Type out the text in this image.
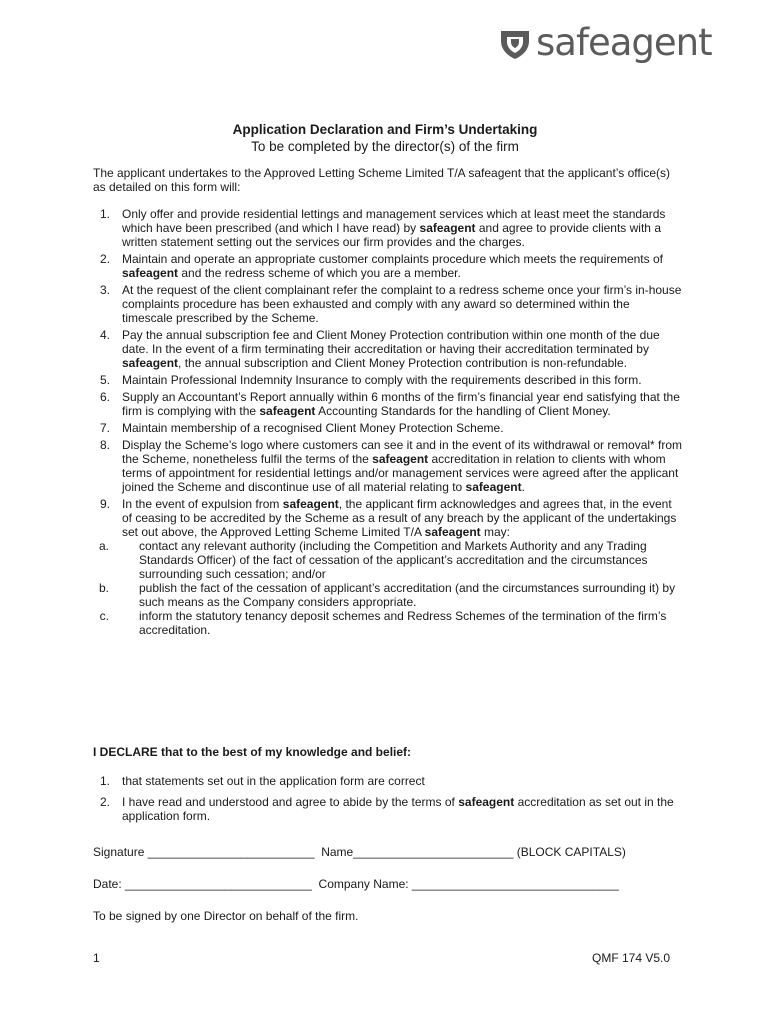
safeagent
Application Declaration and Firm’s Undertaking
To be completed by the director(s) of the firm
The applicant undertakes to the Approved Letting Scheme Limited T/A safeagent that the applicant’s office(s) as detailed on this form will:
1. Only offer and provide residential lettings and management services which at least meet the standards which have been prescribed (and which I have read) by safeagent and agree to provide clients with a written statement setting out the services our firm provides and the charges.
2. Maintain and operate an appropriate customer complaints procedure which meets the requirements of safeagent and the redress scheme of which you are a member.
3. At the request of the client complainant refer the complaint to a redress scheme once your firm’s in-house complaints procedure has been exhausted and comply with any award so determined within the timescale prescribed by the Scheme.
4. Pay the annual subscription fee and Client Money Protection contribution within one month of the due date. In the event of a firm terminating their accreditation or having their accreditation terminated by safeagent, the annual subscription and Client Money Protection contribution is non-refundable.
5. Maintain Professional Indemnity Insurance to comply with the requirements described in this form.
6. Supply an Accountant’s Report annually within 6 months of the firm’s financial year end satisfying that the firm is complying with the safeagent Accounting Standards for the handling of Client Money.
7. Maintain membership of a recognised Client Money Protection Scheme.
8. Display the Scheme’s logo where customers can see it and in the event of its withdrawal or removal* from the Scheme, nonetheless fulfil the terms of the safeagent accreditation in relation to clients with whom terms of appointment for residential lettings and/or management services were agreed after the applicant joined the Scheme and discontinue use of all material relating to safeagent.
9. In the event of expulsion from safeagent, the applicant firm acknowledges and agrees that, in the event of ceasing to be accredited by the Scheme as a result of any breach by the applicant of the undertakings set out above, the Approved Letting Scheme Limited T/A safeagent may:
a.	contact any relevant authority (including the Competition and Markets Authority and any Trading Standards Officer) of the fact of cessation of the applicant’s accreditation and the circumstances surrounding such cessation; and/or
b.	publish the fact of the cessation of applicant’s accreditation (and the circumstances surrounding it) by such means as the Company considers appropriate.
c.	inform the statutory tenancy deposit schemes and Redress Schemes of the termination of the firm’s accreditation.
I DECLARE that to the best of my knowledge and belief:
1. that statements set out in the application form are correct
2. I have read and understood and agree to abide by the terms of safeagent accreditation as set out in the application form.
Signature _________________________  Name________________________ (BLOCK CAPITALS)
Date: ____________________________  Company Name: _______________________________
To be signed by one Director on behalf of the firm.
1	QMF 174 V5.0
